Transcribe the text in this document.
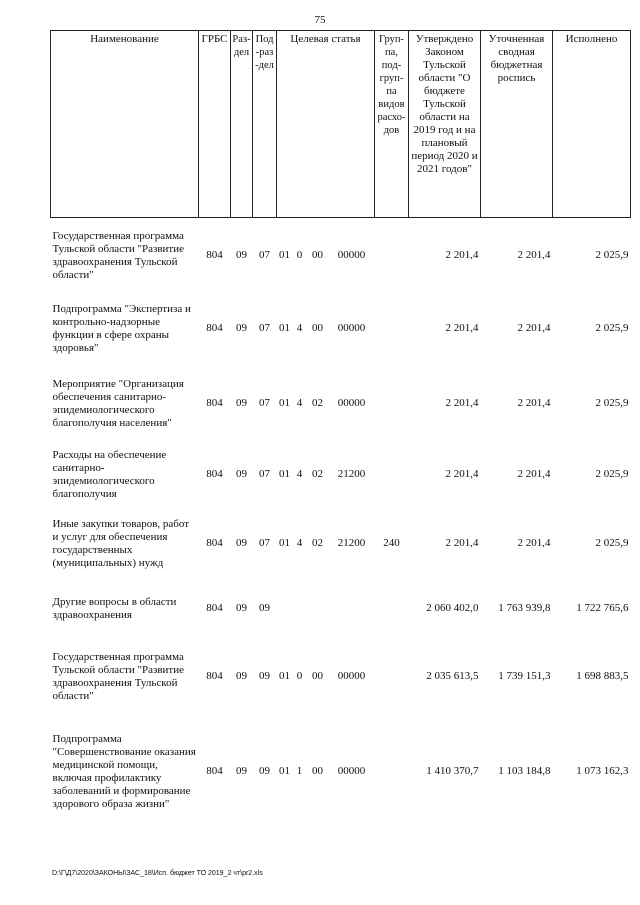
75
Наименование	ГРБС	Раз-дел	Под-раз-дел	Целевая статья				Груп-па, под-груп-па видов расхо-дов	Утверждено Законом Тульской области "О бюджете Тульской области на 2019 год и на плановый период 2020 и 2021 годов"	Уточненная сводная бюджетная роспись	Исполнено
Государственная программа Тульской области "Развитие здравоохранения Тульской области"	804	09	07	01	0	00	00000		2 201,4	2 201,4	2 025,9
Подпрограмма "Экспертиза и контрольно-надзорные функции в сфере охраны здоровья"	804	09	07	01	4	00	00000		2 201,4	2 201,4	2 025,9
Мероприятие "Организация обеспечения санитарно-эпидемиологического благополучия населения"	804	09	07	01	4	02	00000		2 201,4	2 201,4	2 025,9
Расходы на обеспечение санитарно-эпидемиологического благополучия	804	09	07	01	4	02	21200		2 201,4	2 201,4	2 025,9
Иные закупки товаров, работ и услуг для обеспечения государственных (муниципальных) нужд	804	09	07	01	4	02	21200	240	2 201,4	2 201,4	2 025,9
Другие вопросы в области здравоохранения	804	09	09						2 060 402,0	1 763 939,8	1 722 765,6
Государственная программа Тульской области "Развитие здравоохранения Тульской области"	804	09	09	01	0	00	00000		2 035 613,5	1 739 151,3	1 698 883,5
Подпрограмма "Совершенствование оказания медицинской помощи, включая профилактику заболеваний и формирование здорового образа жизни"	804	09	09	01	1	00	00000		1 410 370,7	1 103 184,8	1 073 162,3
D:\Г\Д7\2020\ЗАКОНЫ\ЗАС_18\Исп. бюджет ТО 2019_2 чт\pr2.xls
